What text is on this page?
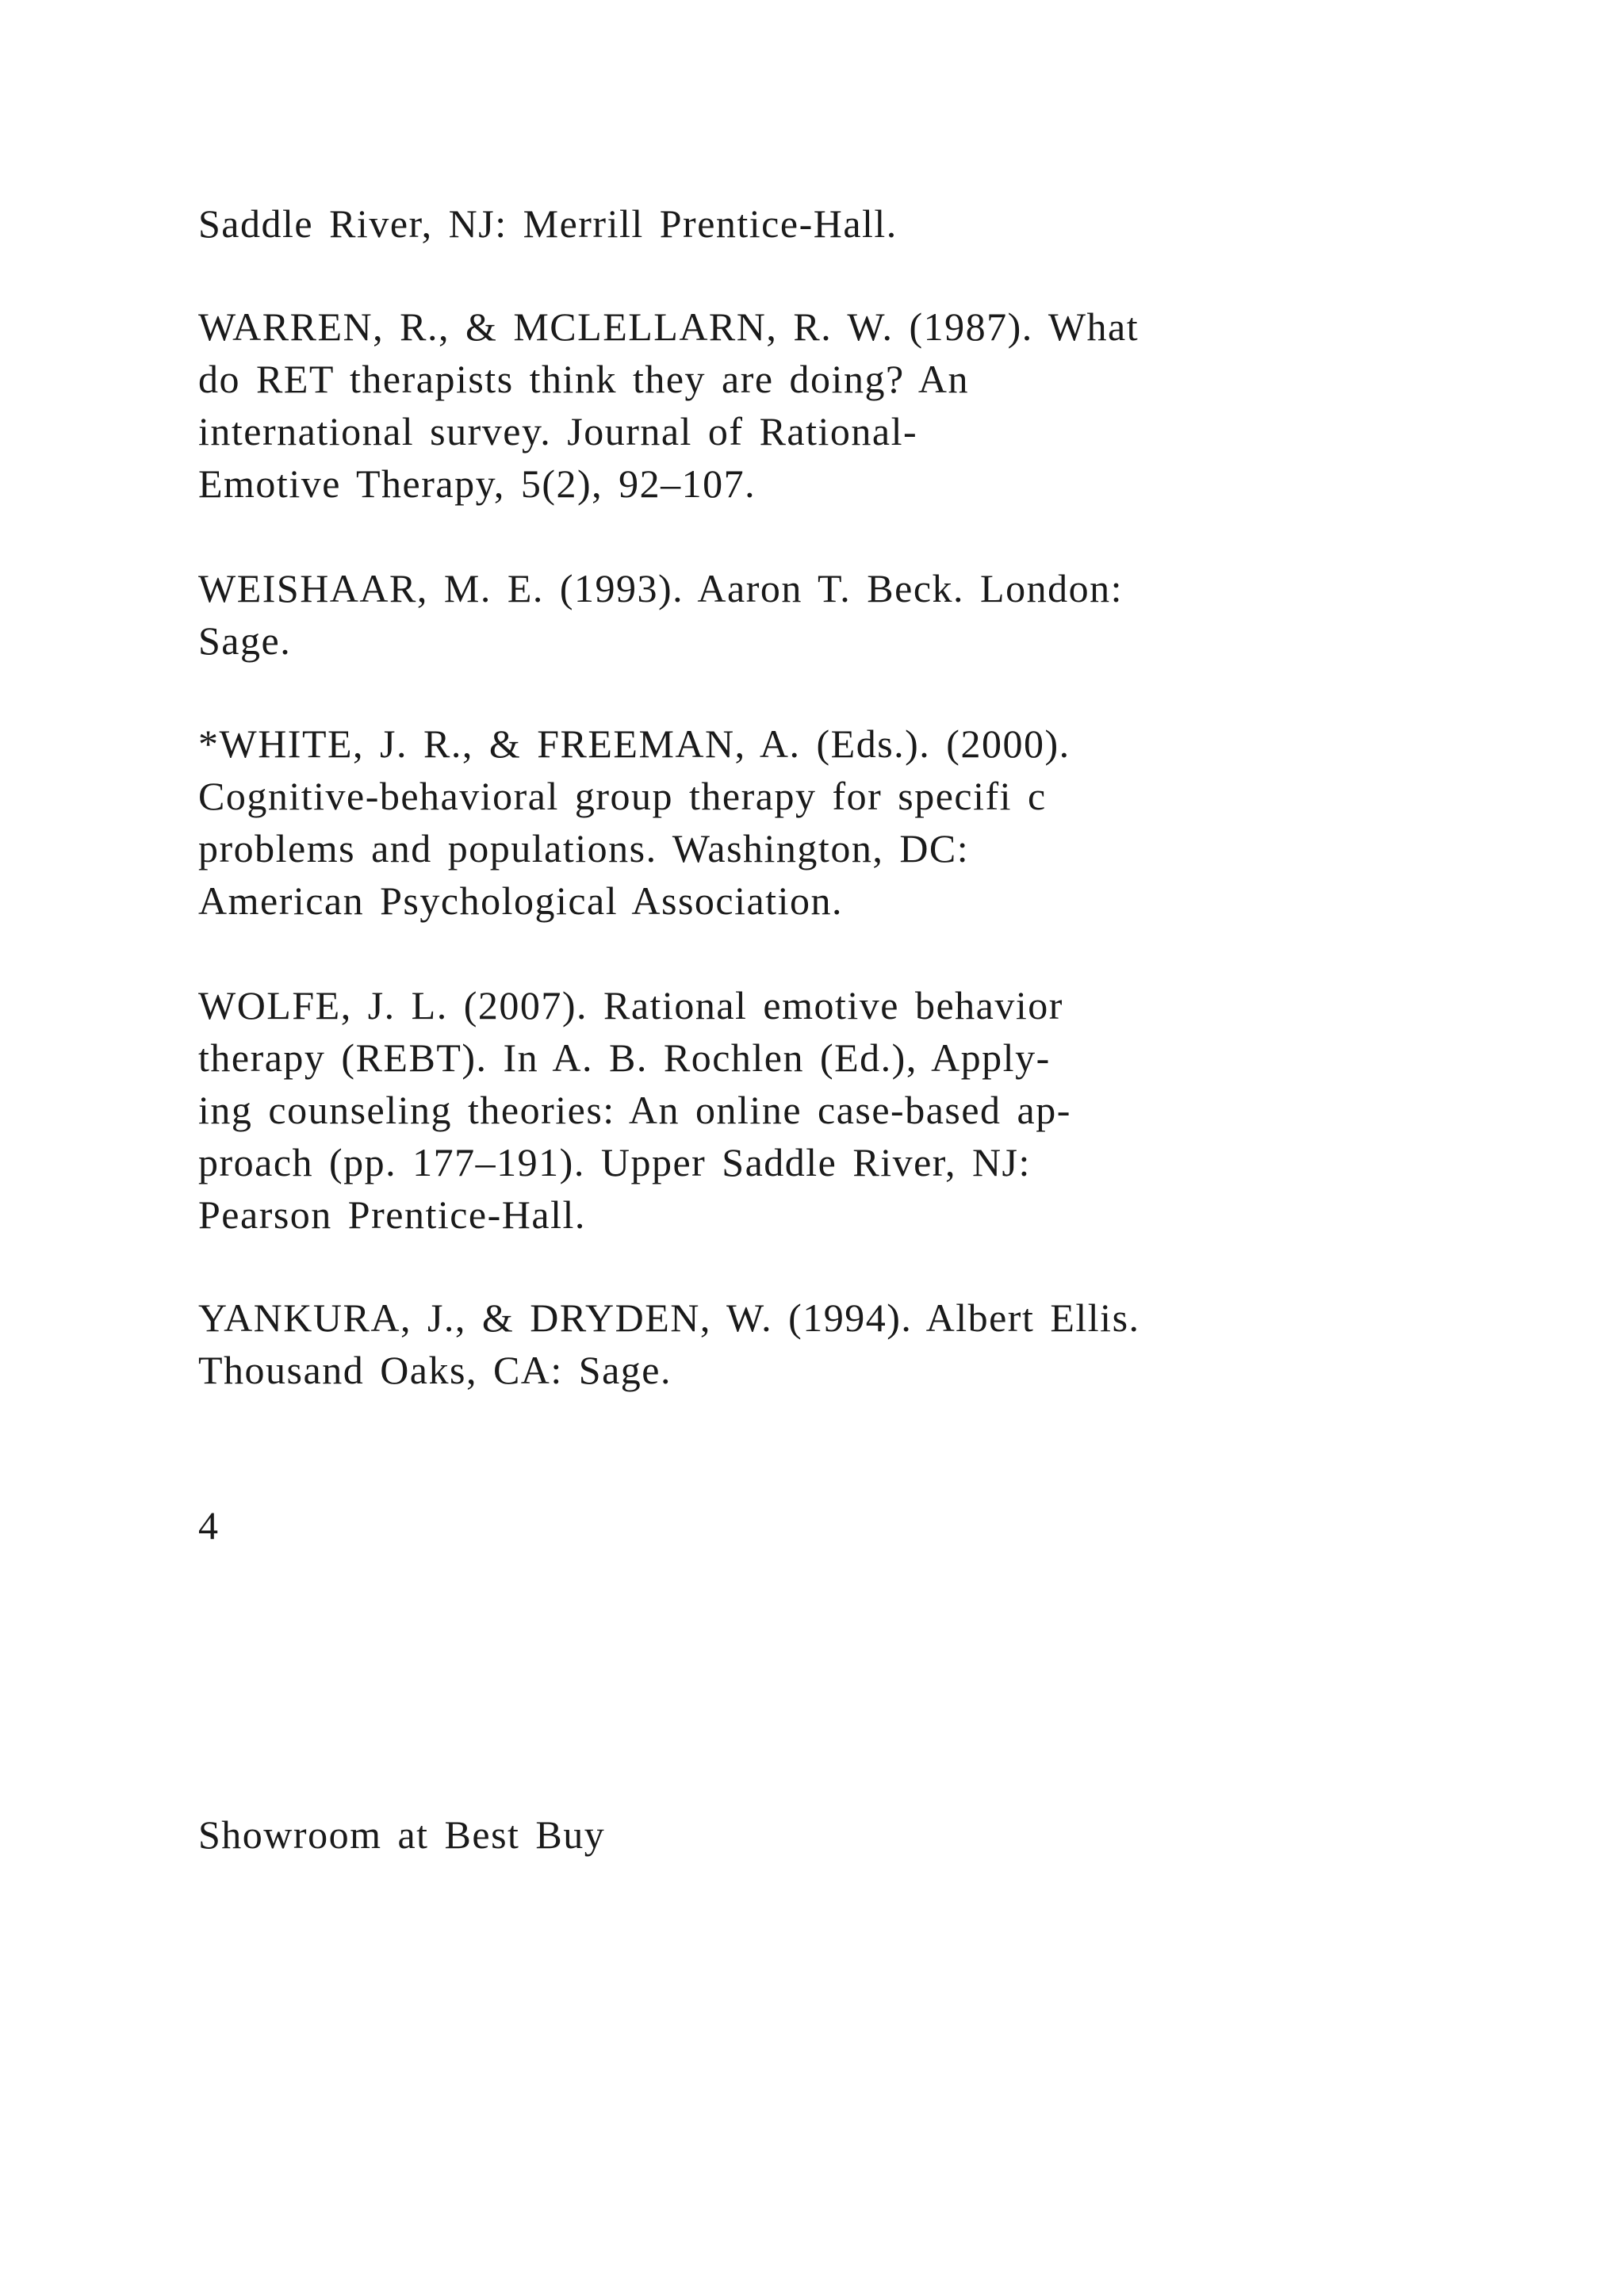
Saddle River, NJ: Merrill Prentice-Hall.

WARREN, R., & MCLELLARN, R. W. (1987). What

do RET therapists think they are doing? An

international survey. Journal of Rational-

Emotive Therapy, 5(2), 92–107.

WEISHAAR, M. E. (1993). Aaron T. Beck. London:

Sage.

*WHITE, J. R., & FREEMAN, A. (Eds.). (2000).

Cognitive-behavioral group therapy for specifi c

problems and populations. Washington, DC:

American Psychological Association.

WOLFE, J. L. (2007). Rational emotive behavior

therapy (REBT). In A. B. Rochlen (Ed.), Apply-

ing counseling theories: An online case-based ap-

proach (pp. 177–191). Upper Saddle River, NJ:

Pearson Prentice-Hall.

YANKURA, J., & DRYDEN, W. (1994). Albert Ellis.

Thousand Oaks, CA: Sage.

4

Showroom at Best Buy
